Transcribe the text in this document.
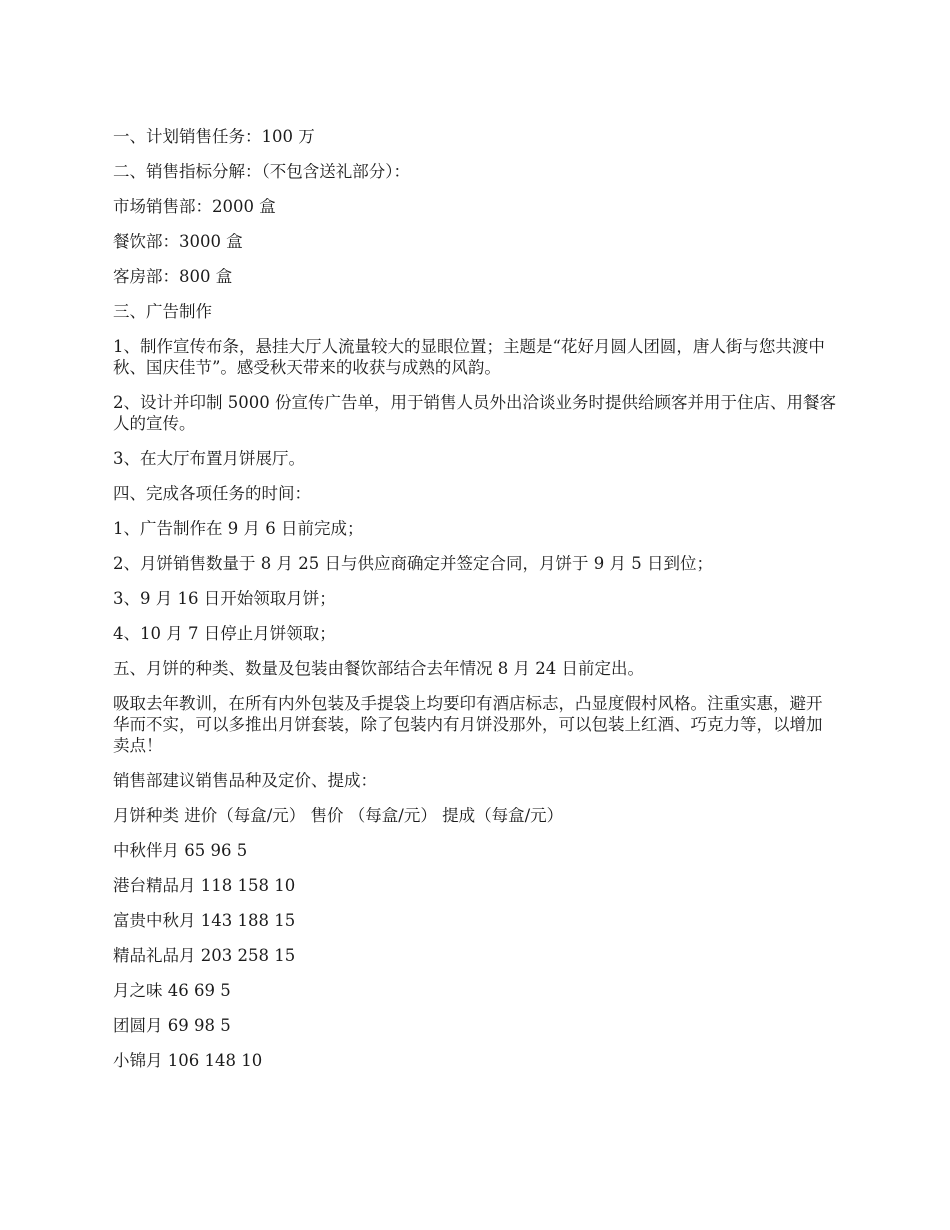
一、计划销售任务：100 万

二、销售指标分解：（不包含送礼部分）：

市场销售部：2000 盒

餐饮部：3000 盒

客房部：800 盒

三、广告制作

1、制作宣传布条，悬挂大厅人流量较大的显眼位置；主题是“花好月圆人团圆，唐人街与您共渡中秋、国庆佳节”。感受秋天带来的收获与成熟的风韵。

2、设计并印制 5000 份宣传广告单，用于销售人员外出洽谈业务时提供给顾客并用于住店、用餐客人的宣传。

3、在大厅布置月饼展厅。

四、完成各项任务的时间：

1、广告制作在 9 月 6 日前完成；

2、月饼销售数量于 8 月 25 日与供应商确定并签定合同，月饼于 9 月 5 日到位；

3、9 月 16 日开始领取月饼；

4、10 月 7 日停止月饼领取；

五、月饼的种类、数量及包装由餐饮部结合去年情况 8 月 24 日前定出。

吸取去年教训，在所有内外包装及手提袋上均要印有酒店标志，凸显度假村风格。注重实惠，避开华而不实，可以多推出月饼套装，除了包装内有月饼没那外，可以包装上红酒、巧克力等，以增加卖点！

销售部建议销售品种及定价、提成：

月饼种类 进价（每盒/元） 售价 （每盒/元） 提成（每盒/元）

中秋伴月 65 96 5

港台精品月 118 158 10

富贵中秋月 143 188 15

精品礼品月 203 258 15

月之味 46 69 5

团圆月 69 98 5

小锦月 106 148 10
